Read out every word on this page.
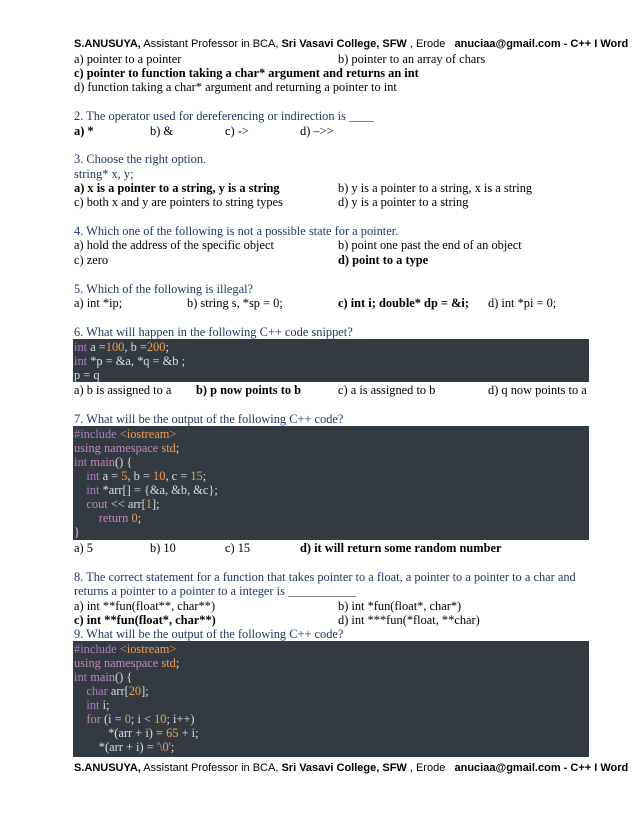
S.ANUSUYA, Assistant Professor in BCA, Sri Vasavi College, SFW , Erode   anuciaa@gmail.com - C++ I Word
a) pointer to a pointer	b) pointer to an array of chars
c) pointer to function taking a char* argument and returns an int
d) function taking a char* argument and returning a pointer to int
2. The operator used for dereferencing or indirection is ____
a) *	b) &	c) ->	d) –>>
3. Choose the right option.
string* x, y;
a) x is a pointer to a string, y is a string	b) y is a pointer to a string, x is a string
c) both x and y are pointers to string types	d) y is a pointer to a string
4. Which one of the following is not a possible state for a pointer.
a) hold the address of the specific object	b) point one past the end of an object
c) zero	d) point to a type
5. Which of the following is illegal?
a) int *ip;	b) string s, *sp = 0;	c) int i; double* dp = &i; d) int *pi = 0;
6. What will happen in the following C++ code snippet?
int a =100, b =200;
int *p = &a, *q = &b ;
p = q
a) b is assigned to a b) p now points to b	c) a is assigned to b	d) q now points to a
7. What will be the output of the following C++ code?
#include <iostream>
using namespace std;
int main() {
int a = 5, b = 10, c = 15;
int *arr[] = {&a, &b, &c};
cout << arr[1];
return 0;
}
a) 5	b) 10	c) 15	d) it will return some random number
8. The correct statement for a function that takes pointer to a float, a pointer to a pointer to a char and
returns a pointer to a pointer to a integer is ___________
a) int **fun(float**, char**)	b) int *fun(float*, char*)
c) int **fun(float*, char**)	d) int ***fun(*float, **char)
9. What will be the output of the following C++ code?
#include <iostream>
using namespace std;
int main() {
char arr[20];
int i;
for (i = 0; i < 10; i++)
*(arr + i) = 65 + i;
*(arr + i) = '\0';
S.ANUSUYA, Assistant Professor in BCA, Sri Vasavi College, SFW , Erode   anuciaa@gmail.com - C++ I Word
